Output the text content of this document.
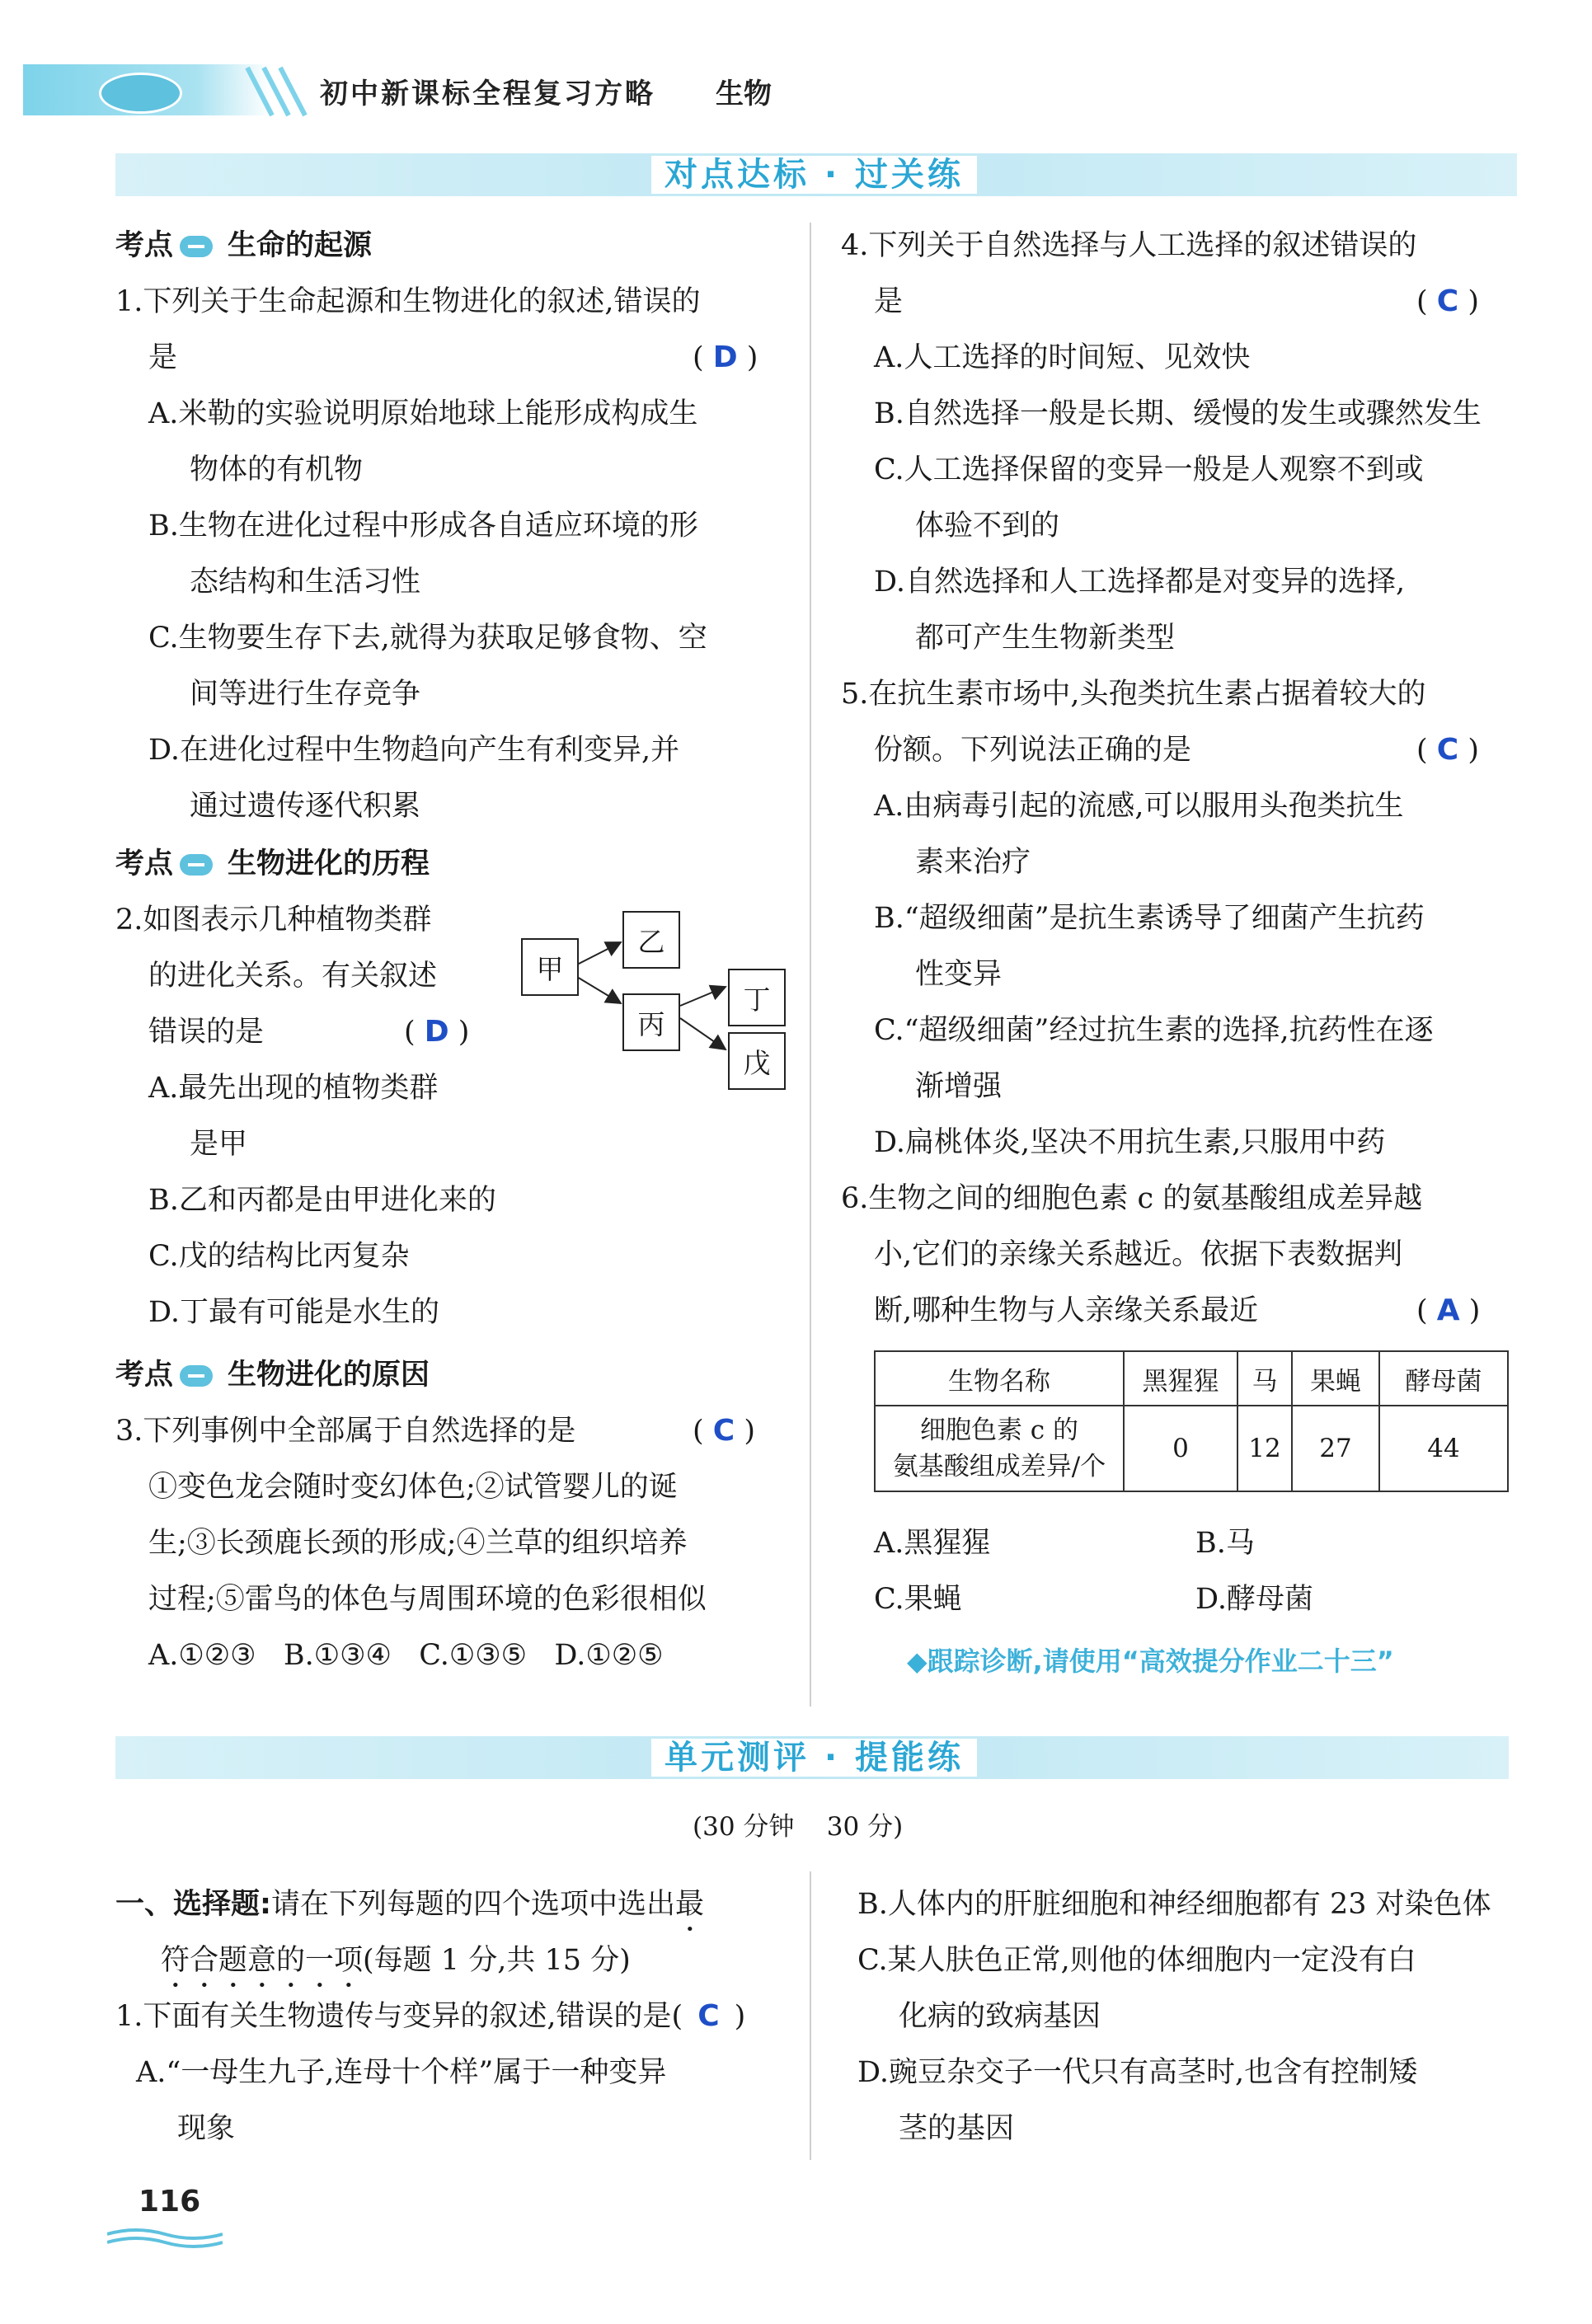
初中新课标全程复习方略 生物
对点达标 · 过关练
考点 生命的起源
1.下列关于生命起源和生物进化的叙述,错误的
是	( D )
A.米勒的实验说明原始地球上能形成构成生
物体的有机物
B.生物在进化过程中形成各自适应环境的形
态结构和生活习性
C.生物要生存下去,就得为获取足够食物、空
间等进行生存竞争
D.在进化过程中生物趋向产生有利变异,并
通过遗传逐代积累
考点 生物进化的历程
2.如图表示几种植物类群
的进化关系。有关叙述
错误的是	( D )
A.最先出现的植物类群
是甲
B.乙和丙都是由甲进化来的
C.戊的结构比丙复杂
D.丁最有可能是水生的
甲
乙
丙
丁
戊
考点 生物进化的原因
3.下列事例中全部属于自然选择的是	( C )
①变色龙会随时变幻体色;②试管婴儿的诞
生;③长颈鹿长颈的形成;④兰草的组织培养
过程;⑤雷鸟的体色与周围环境的色彩很相似
A.①②③   B.①③④   C.①③⑤   D.①②⑤
4.下列关于自然选择与人工选择的叙述错误的
是	( C )
A.人工选择的时间短、见效快
B.自然选择一般是长期、缓慢的发生或骤然发生
C.人工选择保留的变异一般是人观察不到或
体验不到的
D.自然选择和人工选择都是对变异的选择,
都可产生生物新类型
5.在抗生素市场中,头孢类抗生素占据着较大的
份额。下列说法正确的是	( C )
A.由病毒引起的流感,可以服用头孢类抗生
素来治疗
B.“超级细菌”是抗生素诱导了细菌产生抗药
性变异
C.“超级细菌”经过抗生素的选择,抗药性在逐
渐增强
D.扁桃体炎,坚决不用抗生素,只服用中药
6.生物之间的细胞色素 c 的氨基酸组成差异越
小,它们的亲缘关系越近。依据下表数据判
断,哪种生物与人亲缘关系最近	( A )
生物名称	黑猩猩	马	果蝇	酵母菌

细胞色素 c 的
氨基酸组成差异/个	0	12	27	44
A.黑猩猩	B.马
C.果蝇	D.酵母菌
◆跟踪诊断,请使用“高效提分作业二十三”
单元测评 · 提能练
(30 分钟    30 分)
一、选择题:请在下列每题的四个选项中选出最
符合题意的一项(每题 1 分,共 15 分)
1.下面有关生物遗传与变异的叙述,错误的是( C )
A.“一母生九子,连母十个样”属于一种变异
现象
B.人体内的肝脏细胞和神经细胞都有 23 对染色体
C.某人肤色正常,则他的体细胞内一定没有白
化病的致病基因
D.豌豆杂交子一代只有高茎时,也含有控制矮
茎的基因
116
